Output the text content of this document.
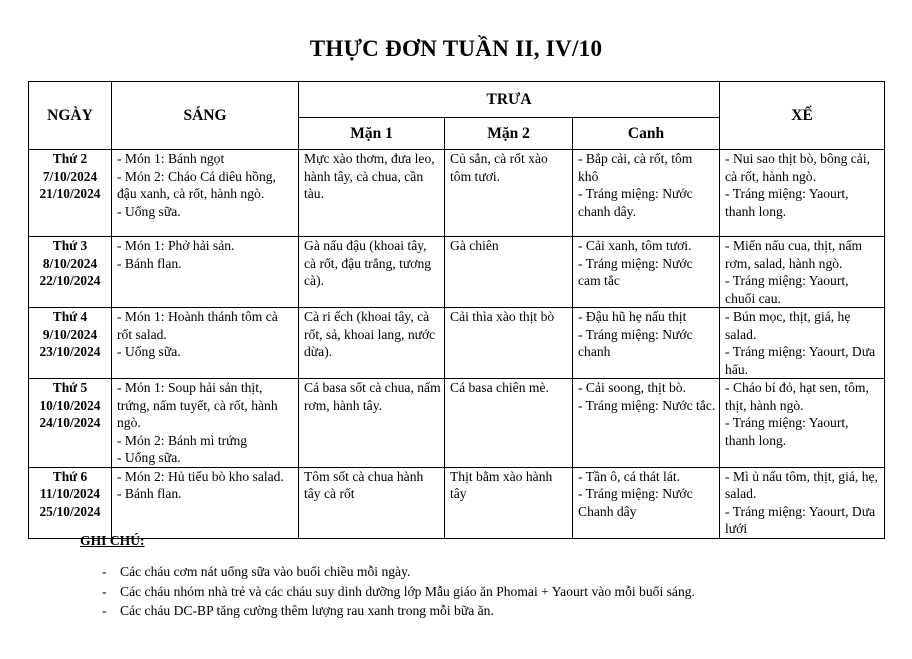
THỰC ĐƠN TUẦN II, IV/10
NGÀY	SÁNG	TRƯA			XẾ
		Mặn 1	Mặn 2	Canh	

Thứ 2
7/10/2024
21/10/2024	- Món 1: Bánh ngọt
- Món 2: Cháo Cá diêu hồng, đậu xanh, cà rốt, hành ngò.
- Uống sữa.	Mực xào thơm, đưa leo, hành tây, cà chua, cần tàu.	Củ sắn, cà rốt xào tôm tươi.	- Bắp cải, cà rốt, tôm khô
- Tráng miệng: Nước chanh dây.	- Nui sao thịt bò, bông cải, cà rốt, hành ngò.
- Tráng miệng: Yaourt, thanh long.

Thứ 3
8/10/2024
22/10/2024	- Món 1: Phở hải sản.
- Bánh flan.	Gà nấu đậu (khoai tây, cà rốt, đậu trắng, tương cà).	Gà chiên	- Cải xanh, tôm tươi.
- Tráng miệng: Nước cam tắc	- Miến nấu cua, thịt, nấm rơm, salad, hành ngò.
- Tráng miệng: Yaourt, chuối cau.

Thứ 4
9/10/2024
23/10/2024	- Món 1: Hoành thánh tôm cà rốt salad.
- Uống sữa.	Cà ri ếch (khoai tây, cà rốt, sả, khoai lang, nước dừa).	Cải thìa xào thịt bò	- Đậu hũ hẹ nấu thịt
- Tráng miệng: Nước chanh	- Bún mọc, thịt, giá, hẹ salad.
- Tráng miệng: Yaourt, Dưa hấu.

Thứ 5
10/10/2024
24/10/2024	- Món 1: Soup hải sản thịt, trứng, nấm tuyết, cà rốt, hành ngò.
- Món 2: Bánh mì trứng
- Uống sữa.	Cá basa sốt cà chua, nấm rơm, hành tây.	Cá basa chiên mè.	- Cải soong, thịt bò.
- Tráng miệng: Nước tắc.	- Cháo bí đỏ, hạt sen, tôm, thịt, hành ngò.
- Tráng miệng: Yaourt, thanh long.

Thứ 6
11/10/2024
25/10/2024	- Món 2: Hủ tiếu bò kho salad.
- Bánh flan.	Tôm sốt cà chua hành tây cà rốt	Thịt bằm xào hành tây	- Tần ô, cá thát lát.
- Tráng miệng: Nước Chanh dây	- Mì ủ nấu tôm, thịt, giá, hẹ, salad.
- Tráng miệng: Yaourt, Dưa lưới
GHI CHÚ:
- Các cháu cơm nát uống sữa vào buổi chiều mỗi ngày.
- Các cháu nhóm nhà trẻ và các cháu suy dinh dưỡng lớp Mẫu giáo ăn Phomai + Yaourt vào mỗi buổi sáng.
- Các cháu DC-BP tăng cường thêm lượng rau xanh trong mỗi bữa ăn.
